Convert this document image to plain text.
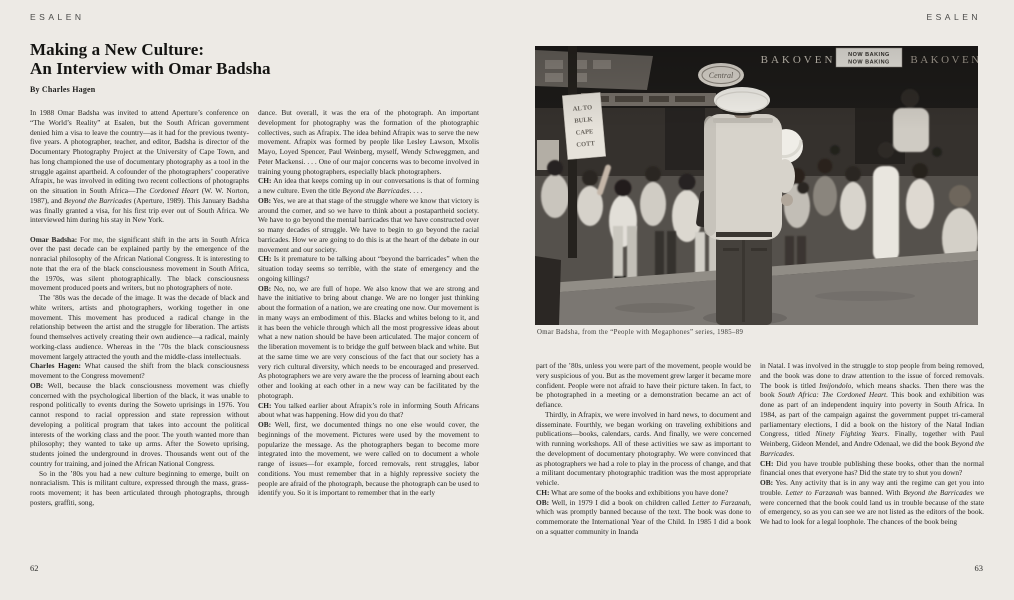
ESALEN	ESALEN
Making a New Culture:
An Interview with Omar Badsha
By Charles Hagen

In 1988 Omar Badsha was invited to attend Aperture’s conference on “The World’s Reality” at Esalen, but the South African government denied him a visa to leave the country—as it had for the previous twenty-five years. A photographer, teacher, and editor, Badsha is director of the Documentary Photography Project at the University of Cape Town, and has long championed the use of documentary photography as a tool in the struggle against apartheid. A cofounder of the photographers’ cooperative Afrapix, he was involved in editing two recent collections of photographs on the situation in South Africa—The Cordoned Heart (W. W. Norton, 1987), and Beyond the Barricades (Aperture, 1989). This January Badsha was finally granted a visa, for his first trip ever out of South Africa. We interviewed him during his stay in New York.

Omar Badsha: For me, the significant shift in the arts in South Africa over the past decade can be explained partly by the emergence of the nonracial philosophy of the African National Congress. It is interesting to note that the era of the black consciousness movement in South Africa, the 1970s, was silent photographically. The black consciousness movement produced poets and writers, but no photographers of note.

The ’80s was the decade of the image. It was the decade of black and white writers, artists and photographers, working together in one movement. This movement has produced a radical change in the relationship between the artist and the struggle for liberation. The artists found themselves actively creating their own audience—a radical, mainly working-class audience. Whereas in the ’70s the black consciousness movement largely attracted the youth and the middle-class intellectuals.

Charles Hagen: What caused the shift from the black consciousness movement to the Congress movement?

OB: Well, because the black consciousness movement was chiefly concerned with the psychological libertion of the black, it was unable to respond politically to events during the Soweto uprisings in 1976. You cannot respond to racial oppression and state repression without developing a political program that takes into account the political interests of the working class and the poor. The youth wanted more than philosophy; they wanted to take up arms. After the Soweto uprising, students joined the underground in droves. Thousands went out of the country for training, and joined the African National Congress.

So in the ’80s you had a new culture beginning to emerge, built on nonracialism. This is militant culture, expressed through the mass, grass-roots movement; it has been articulated through photographs, through posters, graffiti, song,

dance. But overall, it was the era of the photograph. An important development for photography was the formation of the photographic collectives, such as Afrapix. The idea behind Afrapix was to serve the new movement. Afrapix was formed by people like Lesley Lawson, Mxolis Mayo, Loyed Spencer, Paul Weinberg, myself, Wendy Schweggmen, and Peter Mackensi. . . . One of our major concerns was to become involved in training young photographers, especially black photographers.

CH: An idea that keeps coming up in our conversations is that of forming a new culture. Even the title Beyond the Barricades. . . .

OB: Yes, we are at that stage of the struggle where we know that victory is around the corner, and so we have to think about a postapartheid society. We have to go beyond the mental barricades that we have constructed over so many decades of struggle. We have to begin to go beyond the racial barricades. How we are going to do this is at the heart of the debate in our movement and our society.

CH: Is it premature to be talking about “beyond the barricades” when the situation today seems so terrible, with the state of emergency and the ongoing killings?

OB: No, no, we are full of hope. We also know that we are strong and have the initiative to bring about change. We are no longer just thinking about the formation of a nation, we are creating one now. Our movement is in many ways an embodiment of this. Blacks and whites belong to it, and it has been the vehicle through which all the most progressive ideas about what a new nation should be have been articulated. The major concern of the liberation movement is to bridge the gulf between black and white. But at the same time we are very conscious of the fact that our society has a very rich cultural diversity, which needs to be encouraged and preserved. As photographers we are very aware the the process of learning about each other and looking at each other in a new way can be facilitated by the photograph.

CH: You talked earlier about Afrapix’s role in informing South Africans about what was happening. How did you do that?

OB: Well, first, we documented things no one else would cover, the beginnings of the movement. Pictures were used by the movement to popularize the message. As the photographers began to become more integrated into the movement, we were called on to document a whole range of issues—for example, forced removals, rent struggles, labor conditions. You must remember that in a highly repressive society the people are afraid of the photograph, because the photograph can be used to identify you. So it is important to remember that in the early

Omar Badsha, from the “People with Megaphones” series, 1985–89

part of the ’80s, unless you were part of the movement, people would be very suspicious of you. But as the movement grew larger it became more confident. People were not afraid to have their picture taken. In fact, to be photographed in a meeting or a demonstration became an act of defiance.

Thirdly, in Afrapix, we were involved in hard news, to document and disseminate. Fourthly, we began working on traveling exhibitions and publications—books, calendars, cards. And finally, we were concerned with running workshops. All of these activities we saw as important to the development of documentary photography. We were convinced that as photographers we had a role to play in the process of change, and that a militant documentary photographic tradition was the most appropriate vehicle.

CH: What are some of the books and exhibitions you have done?

OB: Well, in 1979 I did a book on children called Letter to Farzanah, which was promptly banned because of the text. The book was done to commemorate the International Year of the Child. In 1985 I did a book on a squatter community in Inanda

in Natal. I was involved in the struggle to stop people from being removed, and the book was done to draw attention to the issue of forced removals. The book is titled Imijondolo, which means shacks. Then there was the book South Africa: The Cordoned Heart. This book and exhibition was done as part of an independent inquiry into poverty in South Africa. In 1984, as part of the campaign against the government puppet tri-cameral parliamentary elections, I did a book on the history of the Natal Indian Congress, titled Ninety Fighting Years. Finally, together with Paul Weinberg, Gideon Mendel, and Andre Odenaal, we did the book Beyond the Barricades.

CH: Did you have trouble publishing these books, other than the normal financial ones that everyone has? Did the state try to shut you down?

OB: Yes. Any activity that is in any way anti the regime can get you into trouble. Letter to Farzanah was banned. With Beyond the Barricades we were concerned that the book could land us in trouble because of the state of emergency, so as you can see we are not listed as the editors of the book. We had to look for a legal loophole. The chances of the book being

62	63
